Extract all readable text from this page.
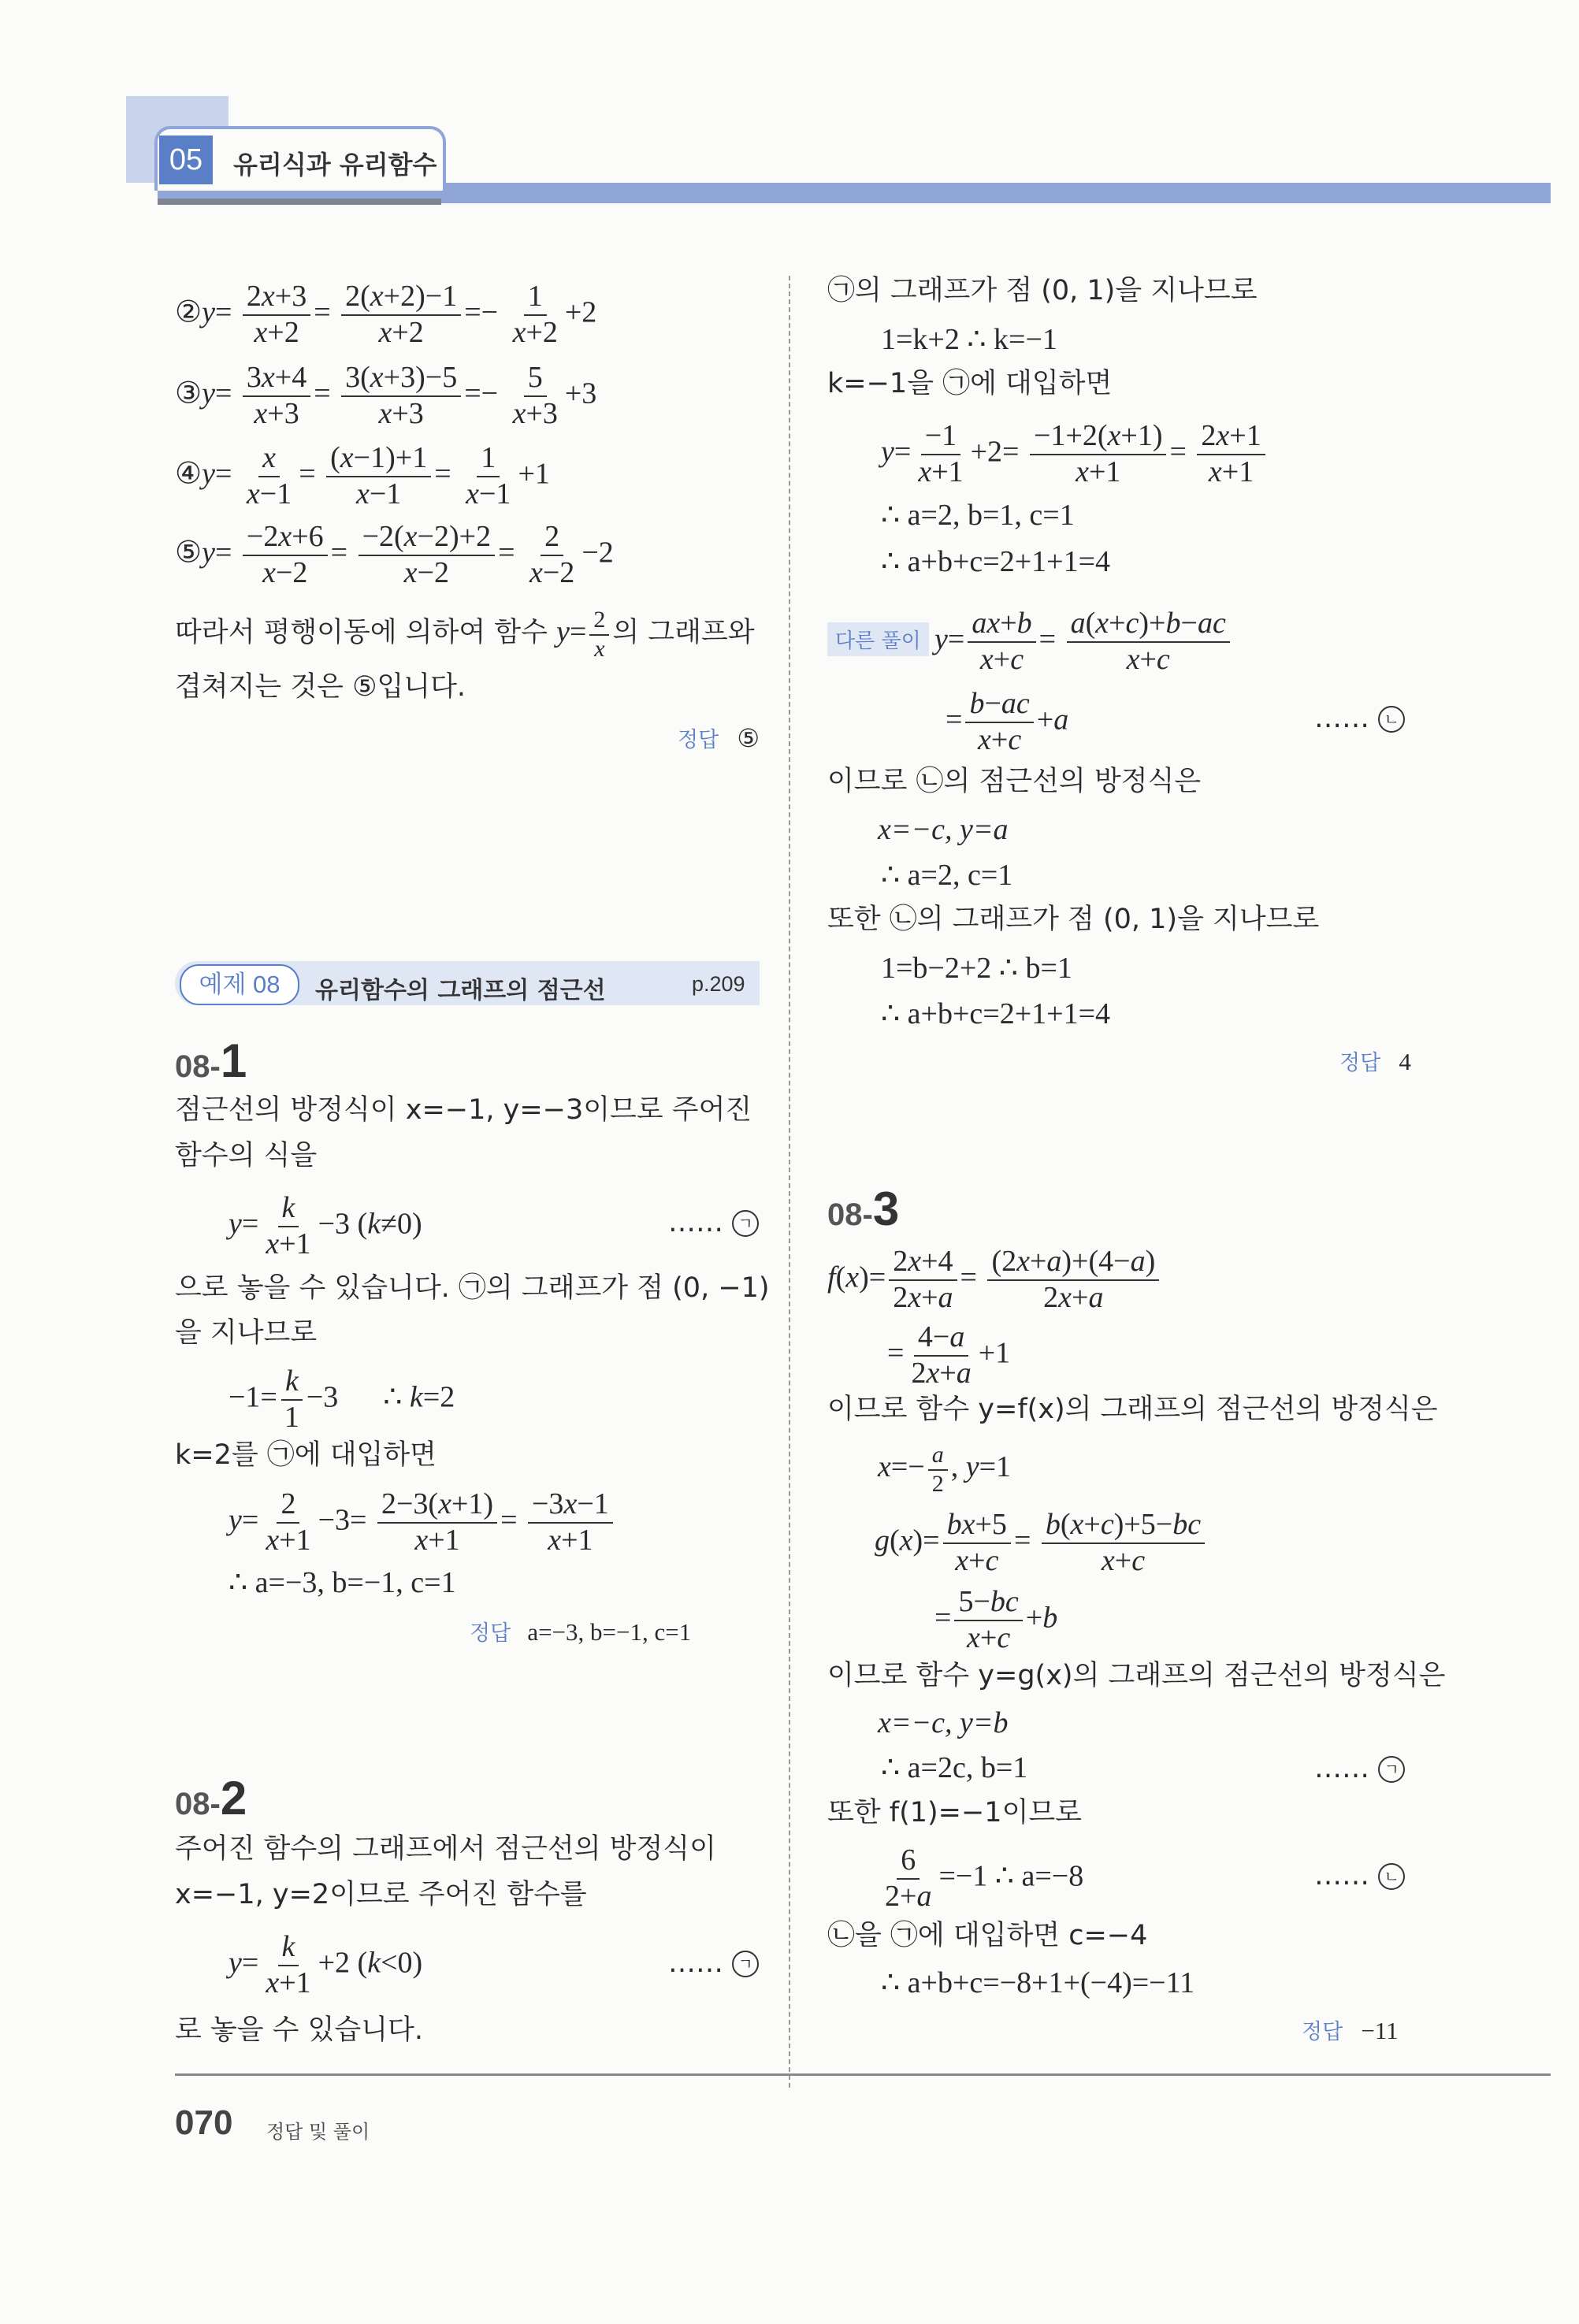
05	유리식과 유리함수
②y= $\frac{2x+3}{x+2} = \frac{2(x+2)-1}{x+2} =- \frac{1}{x+2} +2$
③y= $\frac{3x+4}{x+3} = \frac{3(x+3)-5}{x+3} =- \frac{5}{x+3} +3$
④y= $\frac{x}{x-1} = \frac{(x-1)+1}{x-1} = \frac{1}{x-1} +1$
⑤y= $\frac{-2x+6}{x-2} = \frac{-2(x-2)+2}{x-2} = \frac{2}{x-2} -2$
따라서 평행이동에 의하여 함수 $y= \frac{2}{x}$ 의 그래프와
겹쳐지는 것은 ⑤입니다.
정답 ⑤
예제 08	유리함수의 그래프의 점근선	p.209
08-1
점근선의 방정식이 x=−1, y=−3이므로 주어진
함수의 식을
$y= \frac{k}{x+1} -3$ (k≠0)	…… ㄱ
으로 놓을 수 있습니다. ㉠의 그래프가 점 (0, −1)
을 지나므로
$-1= \frac{k}{1} -3$      ∴ k=2
k=2를 ㉠에 대입하면
$y= \frac{2}{x+1} -3= \frac{2-3(x+1)}{x+1} = \frac{-3x-1}{x+1}$
∴ a=−3, b=−1, c=1
정답 a=−3, b=−1, c=1
08-2
주어진 함수의 그래프에서 점근선의 방정식이
x=−1, y=2이므로 주어진 함수를
$y= \frac{k}{x+1} +2$ (k<0)	…… ㄱ
로 놓을 수 있습니다.
㉠의 그래프가 점 (0, 1)을 지나므로
1=k+2 ∴ k=−1
k=−1을 ㉠에 대입하면
$y= \frac{-1}{x+1} +2= \frac{-1+2(x+1)}{x+1} = \frac{2x+1}{x+1}$
∴ a=2, b=1, c=1
∴ a+b+c=2+1+1=4
다른 풀이 $y= \frac{ax+b}{x+c} = \frac{a(x+c)+b-ac}{x+c}$
= $\frac{b-ac}{x+c} +a$	…… ㄴ
이므로 ㉡의 점근선의 방정식은
x=−c, y=a
∴ a=2, c=1
또한 ㉡의 그래프가 점 (0, 1)을 지나므로
1=b−2+2 ∴ b=1
∴ a+b+c=2+1+1=4
정답 4
08-3
$f(x)= \frac{2x+4}{2x+a} = \frac{(2x+a)+(4-a)}{2x+a}$
= $\frac{4-a}{2x+a} +1$
이므로 함수 y=f(x)의 그래프의 점근선의 방정식은
$x=- \frac{a}{2}$ , y=1
$g(x)= \frac{bx+5}{x+c} = \frac{b(x+c)+5-bc}{x+c}$
= $\frac{5-bc}{x+c} +b$
이므로 함수 y=g(x)의 그래프의 점근선의 방정식은
x=−c, y=b
∴ a=2c, b=1	…… ㄱ
또한 f(1)=−1이므로
$\frac{6}{2+a} =-1$ ∴ a=−8	…… ㄴ
㉡을 ㉠에 대입하면 c=−4
∴ a+b+c=−8+1+(−4)=−11
정답 −11
070 정답 및 풀이
